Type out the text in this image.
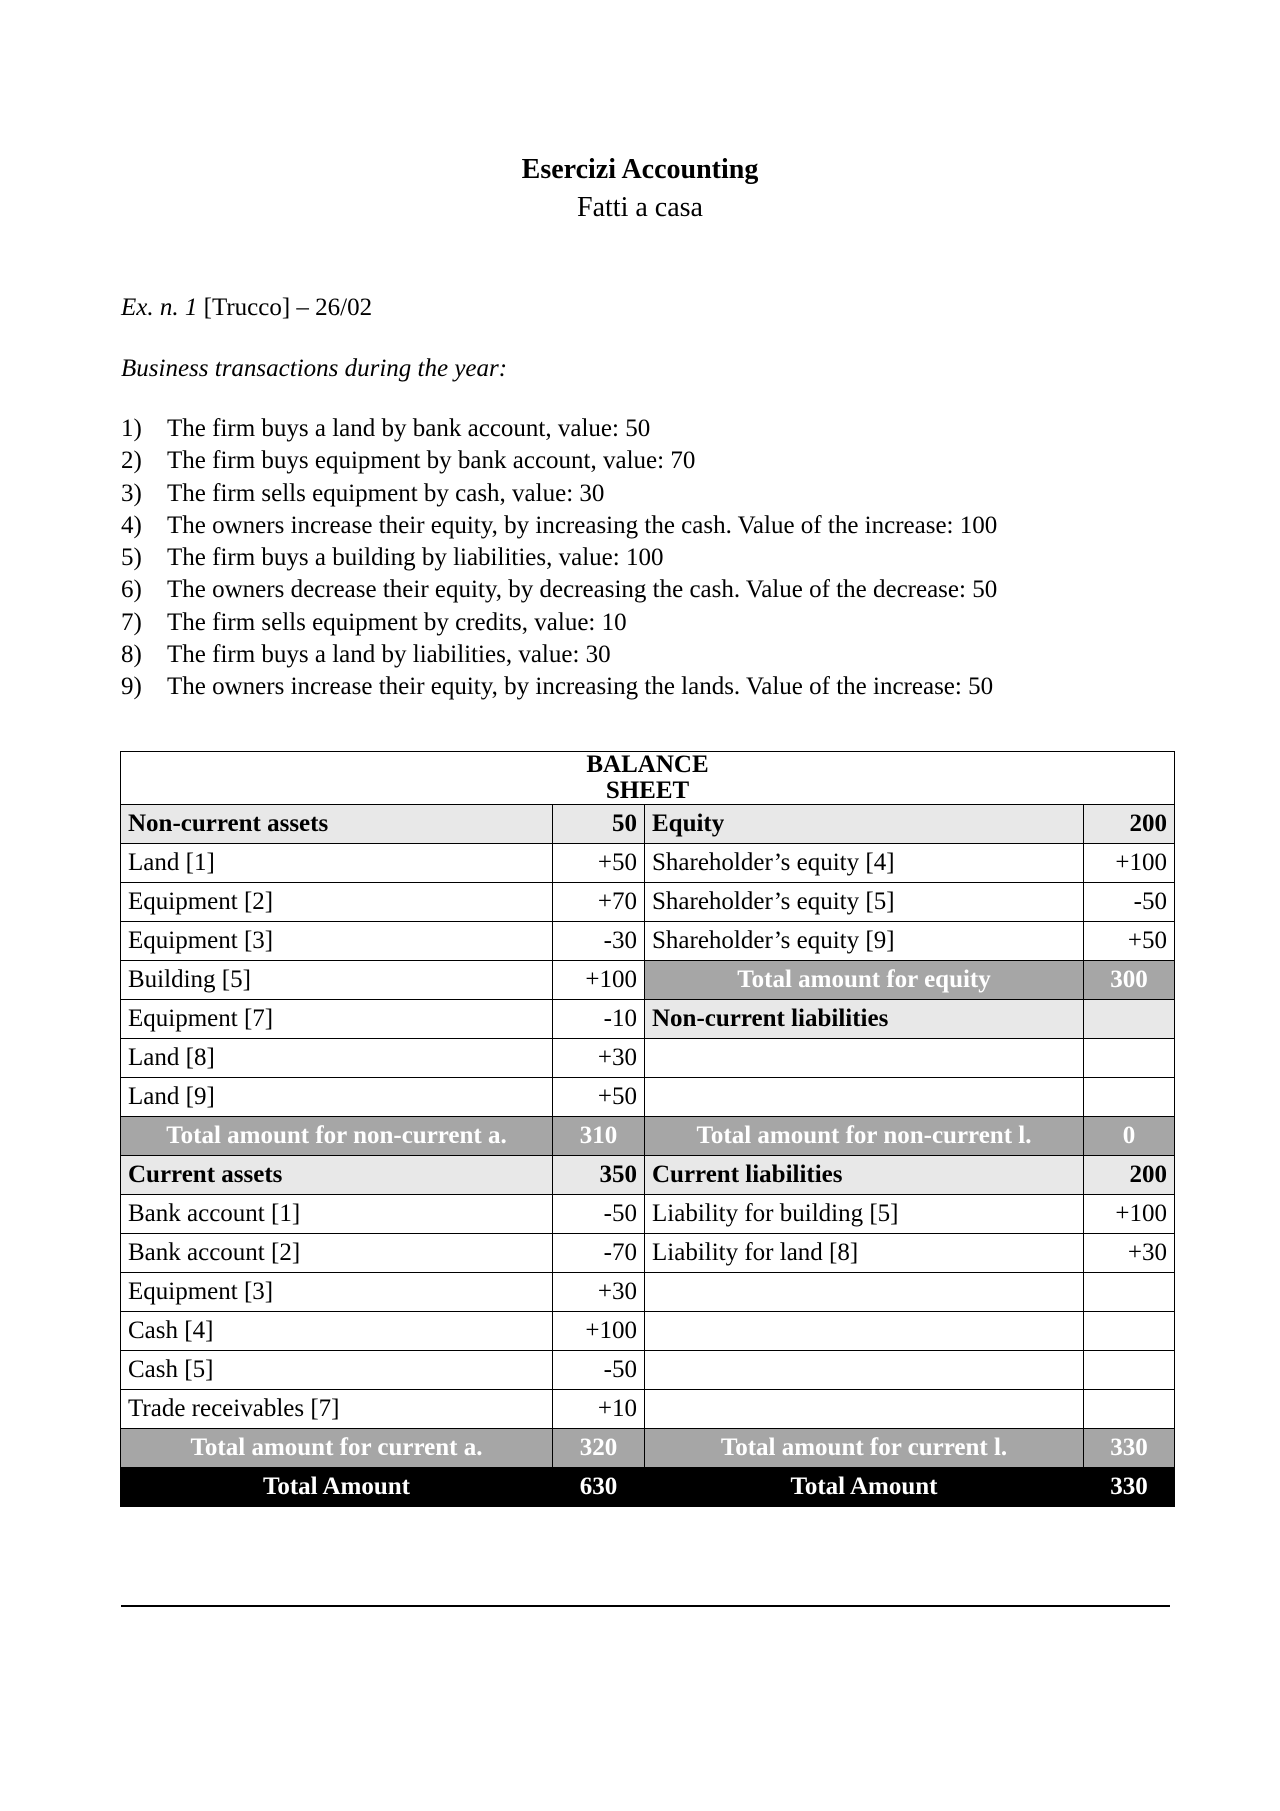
Esercizi Accounting
Fatti a casa
Ex. n. 1 [Trucco] – 26/02
Business transactions during the year:
1) The firm buys a land by bank account, value: 50
2) The firm buys equipment by bank account, value: 70
3) The firm sells equipment by cash, value: 30
4) The owners increase their equity, by increasing the cash. Value of the increase: 100
5) The firm buys a building by liabilities, value: 100
6) The owners decrease their equity, by decreasing the cash. Value of the decrease: 50
7) The firm sells equipment by credits, value: 10
8) The firm buys a land by liabilities, value: 30
9) The owners increase their equity, by increasing the lands. Value of the increase: 50
BALANCE
SHEET			
Non-current assets	50	Equity	200
Land [1]	+50	Shareholder’s equity [4]	+100
Equipment [2]	+70	Shareholder’s equity [5]	-50
Equipment [3]	-30	Shareholder’s equity [9]	+50
Building [5]	+100	Total amount for equity	300
Equipment [7]	-10	Non-current liabilities	
Land [8]	+30		
Land [9]	+50		
Total amount for non-current a.	310	Total amount for non-current l.	0
Current assets	350	Current liabilities	200
Bank account [1]	-50	Liability for building [5]	+100
Bank account [2]	-70	Liability for land [8]	+30
Equipment [3]	+30		
Cash [4]	+100		
Cash [5]	-50		
Trade receivables [7]	+10		
Total amount for current a.	320	Total amount for current l.	330
Total Amount	630	Total Amount	330
